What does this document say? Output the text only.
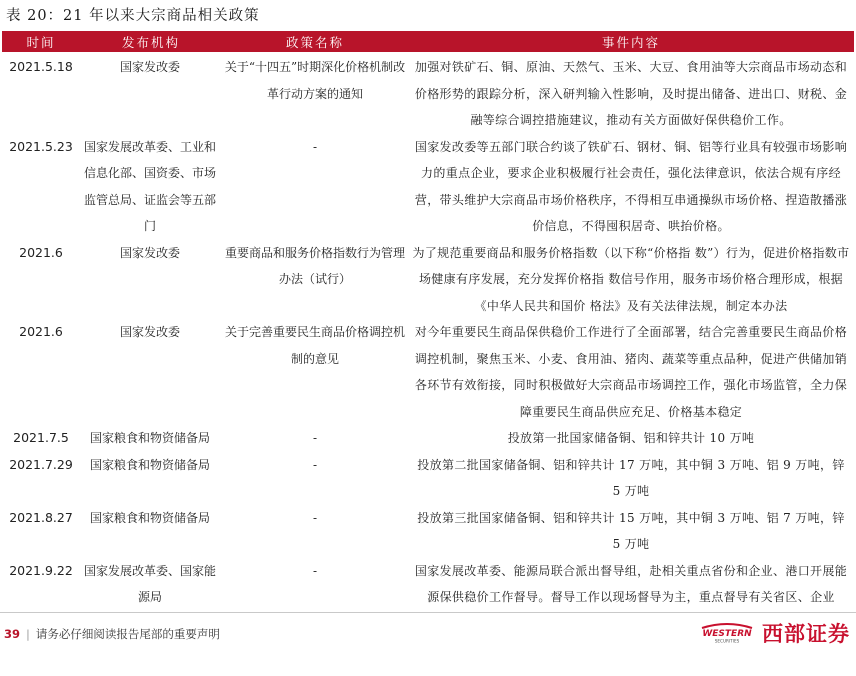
表 20：21 年以来大宗商品相关政策
时间	发布机构	政策名称	事件内容
2021.5.18	国家发改委	关于“十四五”时期深化价格机制改革行动方案的通知	加强对铁矿石、铜、原油、天然气、玉米、大豆、食用油等大宗商品市场动态和价格形势的跟踪分析，深入研判输入性影响，及时提出储备、进出口、财税、金融等综合调控措施建议，推动有关方面做好保供稳价工作。
2021.5.23	国家发展改革委、工业和信息化部、国资委、市场监管总局、证监会等五部门	-	国家发改委等五部门联合约谈了铁矿石、钢材、铜、铝等行业具有较强市场影响力的重点企业，要求企业积极履行社会责任，强化法律意识，依法合规有序经营，带头维护大宗商品市场价格秩序，不得相互串通操纵市场价格、捏造散播涨价信息，不得囤积居奇、哄抬价格。
2021.6	国家发改委	重要商品和服务价格指数行为管理办法（试行）	为了规范重要商品和服务价格指数（以下称“价格指 数”）行为，促进价格指数市场健康有序发展，充分发挥价格指 数信号作用，服务市场价格合理形成，根据《中华人民共和国价 格法》及有关法律法规，制定本办法
2021.6	国家发改委	关于完善重要民生商品价格调控机制的意见	对今年重要民生商品保供稳价工作进行了全面部署，结合完善重要民生商品价格调控机制，聚焦玉米、小麦、食用油、猪肉、蔬菜等重点品种，促进产供储加销各环节有效衔接，同时积极做好大宗商品市场调控工作，强化市场监管，全力保障重要民生商品供应充足、价格基本稳定
2021.7.5	国家粮食和物资储备局	-	投放第一批国家储备铜、铝和锌共计 10 万吨
2021.7.29	国家粮食和物资储备局	-	投放第二批国家储备铜、铝和锌共计 17 万吨，其中铜 3 万吨、铝 9 万吨，锌 5 万吨
2021.8.27	国家粮食和物资储备局	-	投放第三批国家储备铜、铝和锌共计 15 万吨，其中铜 3 万吨、铝 7 万吨，锌 5 万吨
2021.9.22	国家发展改革委、国家能源局	-	国家发展改革委、能源局联合派出督导组，赴相关重点省份和企业、港口开展能源保供稳价工作督导。督导工作以现场督导为主，重点督导有关省区、企业
39 | 请务必仔细阅读报告尾部的重要声明	WESTERN
SECURITIES 西部证券
